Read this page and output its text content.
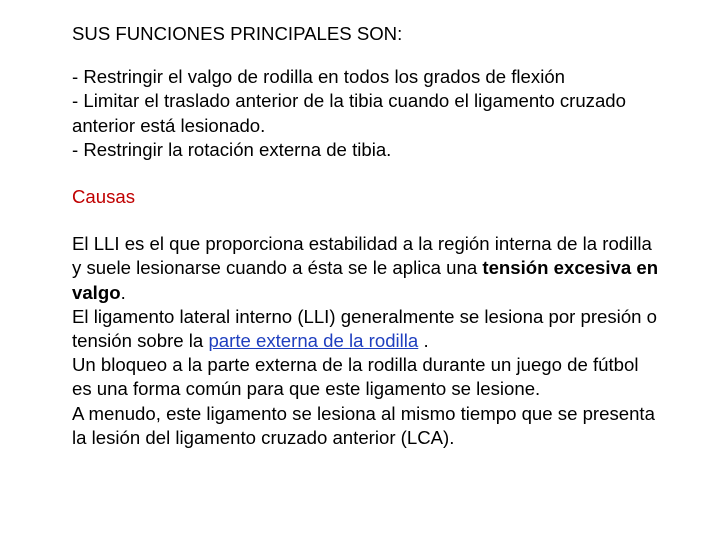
SUS FUNCIONES PRINCIPALES SON:

- Restringir el valgo de rodilla en todos los grados de flexión

- Limitar el traslado anterior de la tibia cuando el ligamento cruzado anterior está lesionado.

- Restringir la rotación externa de tibia.

Causas

El LLI es el que proporciona estabilidad a la región interna de la rodilla y suele lesionarse cuando a ésta se le aplica una tensión excesiva en valgo.

El ligamento lateral interno (LLI) generalmente se lesiona por presión o tensión sobre la parte externa de la rodilla .

Un bloqueo a la parte externa de la rodilla durante un juego de fútbol es una forma común para que este ligamento se lesione.

A menudo, este ligamento se lesiona al mismo tiempo que se presenta la lesión del ligamento cruzado anterior (LCA).
